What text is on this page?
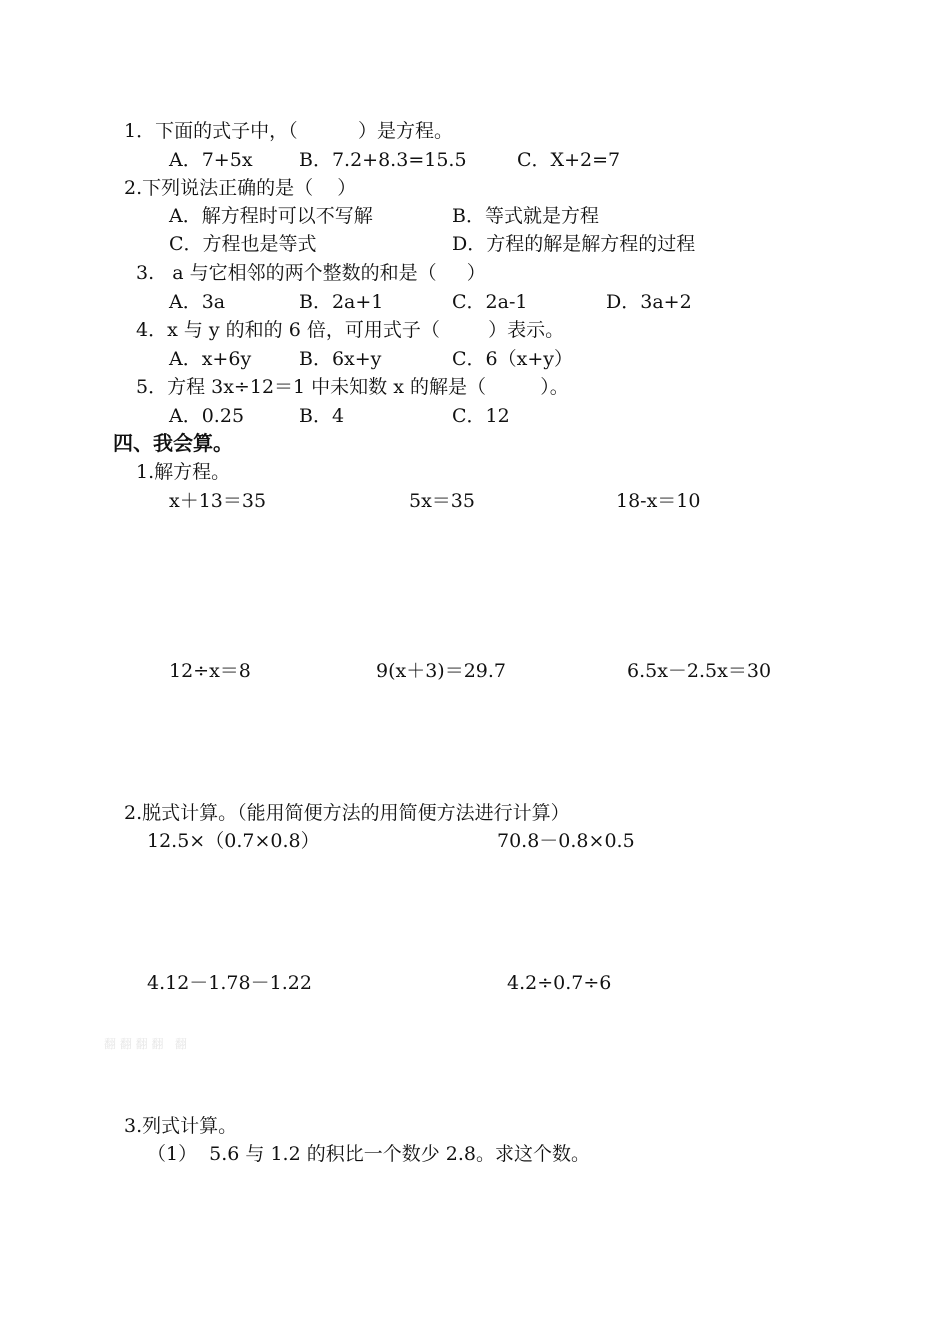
1．下面的式子中，（          ）是方程。
A．7+5x B．7.2+8.3=15.5	C．X+2=7
2.下列说法正确的是（    ）
A．解方程时可以不写解	B．等式就是方程
C．方程也是等式	D．方程的解是解方程的过程
3.   a 与它相邻的两个整数的和是（     ）
A．3a	B．2a+1	C．2a-1	D．3a+2
4．x 与 y 的和的 6 倍，可用式子（        ）表示。
A．x+6y	B．6x+y	C．6（x+y）
5．方程 3x÷12＝1 中未知数 x 的解是（         ）。
A．0.25	B．4	C．12
四、我会算。
1.解方程。
x＋13＝35	5x＝35	18-x＝10
12÷x＝8	9(x＋3)＝29.7	6.5x－2.5x＝30
2.脱式计算。（能用简便方法的用简便方法进行计算）
12.5×（0.7×0.8）	70.8－0.8×0.5
4.12－1.78－1.22	4.2÷0.7÷6
翻 翻 翻 翻   翻
3.列式计算。
（1）  5.6 与 1.2 的积比一个数少 2.8。求这个数。
